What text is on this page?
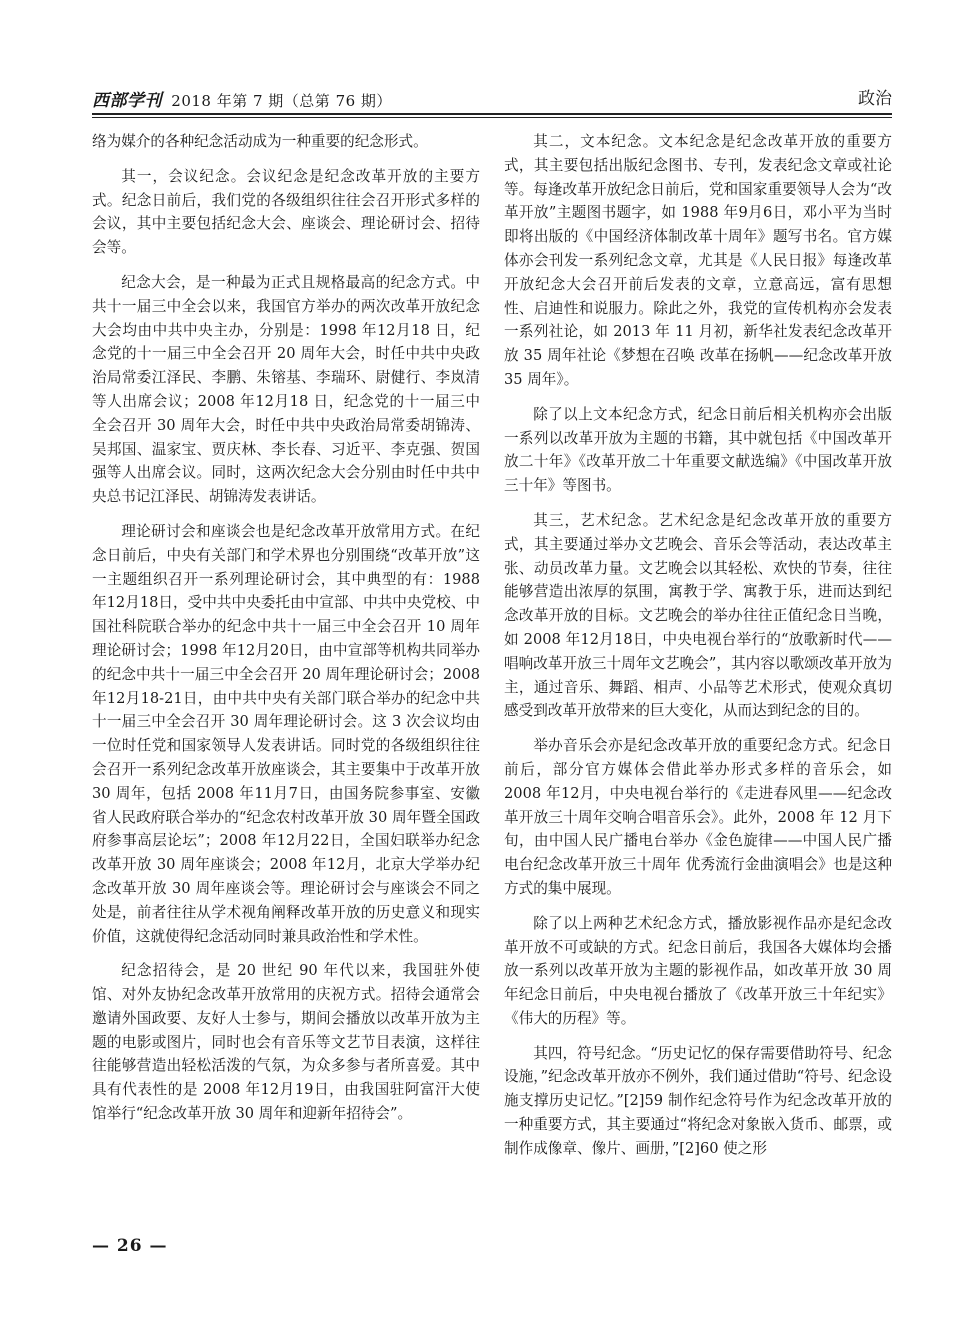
西部学刊 2018 年第 7 期（总第 76 期）	政治

络为媒介的各种纪念活动成为一种重要的纪念形式。

其一，会议纪念。会议纪念是纪念改革开放的主要方式。纪念日前后，我们党的各级组织往往会召开形式多样的会议，其中主要包括纪念大会、座谈会、理论研讨会、招待会等。

纪念大会，是一种最为正式且规格最高的纪念方式。中共十一届三中全会以来，我国官方举办的两次改革开放纪念大会均由中共中央主办，分别是：1998 年12月18 日，纪念党的十一届三中全会召开 20 周年大会，时任中共中央政治局常委江泽民、李鹏、朱镕基、李瑞环、尉健行、李岚清等人出席会议；2008 年12月18 日，纪念党的十一届三中全会召开 30 周年大会，时任中共中央政治局常委胡锦涛、吴邦国、温家宝、贾庆林、李长春、习近平、李克强、贺国强等人出席会议。同时，这两次纪念大会分别由时任中共中央总书记江泽民、胡锦涛发表讲话。

理论研讨会和座谈会也是纪念改革开放常用方式。在纪念日前后，中央有关部门和学术界也分别围绕“改革开放”这一主题组织召开一系列理论研讨会，其中典型的有：1988 年12月18日，受中共中央委托由中宣部、中共中央党校、中国社科院联合举办的纪念中共十一届三中全会召开 10 周年理论研讨会；1998 年12月20日，由中宣部等机构共同举办的纪念中共十一届三中全会召开 20 周年理论研讨会；2008 年12月18-21日，由中共中央有关部门联合举办的纪念中共十一届三中全会召开 30 周年理论研讨会。这 3 次会议均由一位时任党和国家领导人发表讲话。同时党的各级组织往往会召开一系列纪念改革开放座谈会，其主要集中于改革开放 30 周年，包括 2008 年11月7日，由国务院参事室、安徽省人民政府联合举办的“纪念农村改革开放 30 周年暨全国政府参事高层论坛”；2008 年12月22日，全国妇联举办纪念改革开放 30 周年座谈会；2008 年12月，北京大学举办纪念改革开放 30 周年座谈会等。理论研讨会与座谈会不同之处是，前者往往从学术视角阐释改革开放的历史意义和现实价值，这就使得纪念活动同时兼具政治性和学术性。

纪念招待会，是 20 世纪 90 年代以来，我国驻外使馆、对外友协纪念改革开放常用的庆祝方式。招待会通常会邀请外国政要、友好人士参与，期间会播放以改革开放为主题的电影或图片，同时也会有音乐等文艺节目表演，这样往往能够营造出轻松活泼的气氛，为众多参与者所喜爱。其中具有代表性的是 2008 年12月19日，由我国驻阿富汗大使馆举行“纪念改革开放 30 周年和迎新年招待会”。

其二，文本纪念。文本纪念是纪念改革开放的重要方式，其主要包括出版纪念图书、专刊，发表纪念文章或社论等。每逢改革开放纪念日前后，党和国家重要领导人会为“改革开放”主题图书题字，如 1988 年9月6日，邓小平为当时即将出版的《中国经济体制改革十周年》题写书名。官方媒体亦会刊发一系列纪念文章，尤其是《人民日报》每逢改革开放纪念大会召开前后发表的文章，立意高远，富有思想性、启迪性和说服力。除此之外，我党的宣传机构亦会发表一系列社论，如 2013 年 11 月初，新华社发表纪念改革开放 35 周年社论《梦想在召唤 改革在扬帆——纪念改革开放 35 周年》。

除了以上文本纪念方式，纪念日前后相关机构亦会出版一系列以改革开放为主题的书籍，其中就包括《中国改革开放二十年》《改革开放二十年重要文献选编》《中国改革开放三十年》等图书。

其三，艺术纪念。艺术纪念是纪念改革开放的重要方式，其主要通过举办文艺晚会、音乐会等活动，表达改革主张、动员改革力量。文艺晚会以其轻松、欢快的节奏，往往能够营造出浓厚的氛围，寓教于学、寓教于乐，进而达到纪念改革开放的目标。文艺晚会的举办往往正值纪念日当晚，如 2008 年12月18日，中央电视台举行的“放歌新时代——唱响改革开放三十周年文艺晚会”，其内容以歌颂改革开放为主，通过音乐、舞蹈、相声、小品等艺术形式，使观众真切感受到改革开放带来的巨大变化，从而达到纪念的目的。

举办音乐会亦是纪念改革开放的重要纪念方式。纪念日前后，部分官方媒体会借此举办形式多样的音乐会，如 2008 年12月，中央电视台举行的《走进春风里——纪念改革开放三十周年交响合唱音乐会》。此外，2008 年 12 月下旬，由中国人民广播电台举办《金色旋律——中国人民广播电台纪念改革开放三十周年 优秀流行金曲演唱会》也是这种方式的集中展现。

除了以上两种艺术纪念方式，播放影视作品亦是纪念改革开放不可或缺的方式。纪念日前后，我国各大媒体均会播放一系列以改革开放为主题的影视作品，如改革开放 30 周年纪念日前后，中央电视台播放了《改革开放三十年纪实》《伟大的历程》等。

其四，符号纪念。“历史记忆的保存需要借助符号、纪念设施，”纪念改革开放亦不例外，我们通过借助“符号、纪念设施支撑历史记忆。”[2]59 制作纪念符号作为纪念改革开放的一种重要方式，其主要通过“将纪念对象嵌入货币、邮票，或制作成像章、像片、画册，”[2]60 使之形

— 26 —
